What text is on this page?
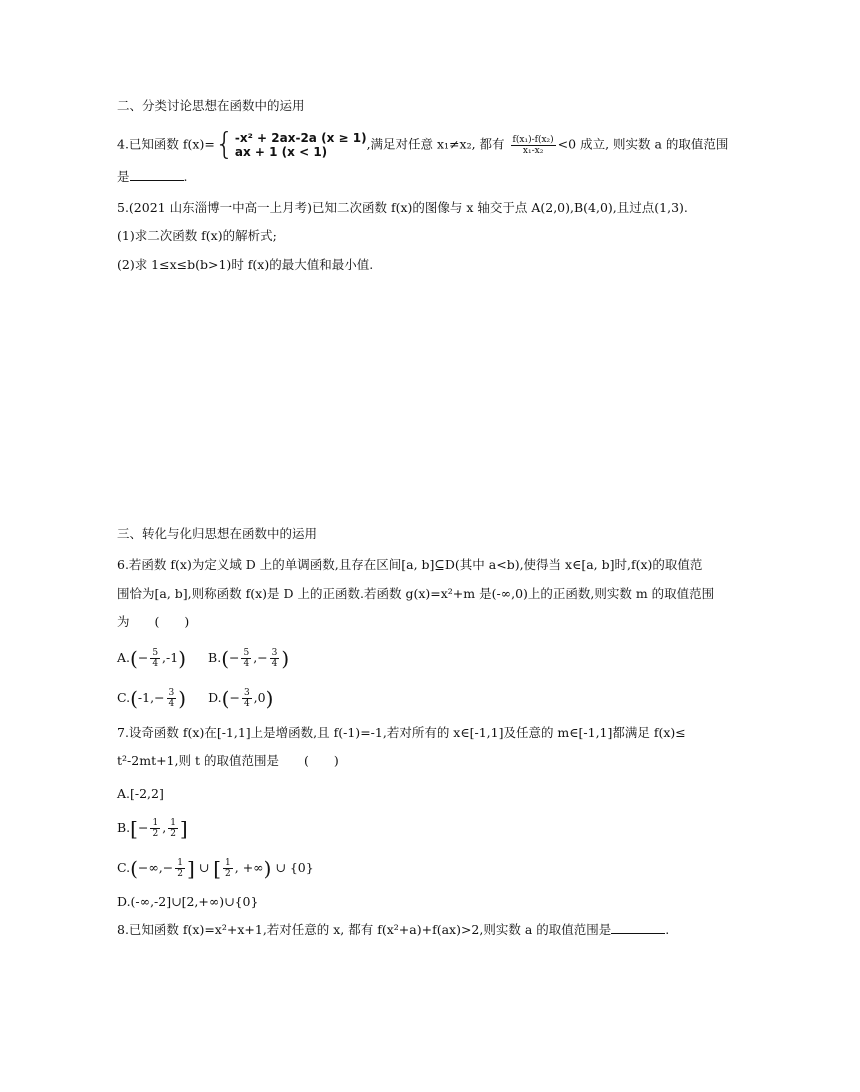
二、分类讨论思想在函数中的运用
4.已知函数 f(x)= { -x² + 2ax-2a (x ≥ 1)
ax + 1 (x < 1)
,满足对任意 x₁≠x₂, 都有 $\frac{\text{f(x₁)-f(x₂)}}{\text{x₁-x₂}} <0$ 成立, 则实数 a 的取值范围
是	.
5.(2021 山东淄博一中高一上月考)已知二次函数 f(x)的图像与 x 轴交于点 A(2,0),B(4,0),且过点(1,3).
(1)求二次函数 f(x)的解析式;
(2)求 1≤x≤b(b>1)时 f(x)的最大值和最小值.
三、转化与化归思想在函数中的运用
6.若函数 f(x)为定义域 D 上的单调函数,且存在区间[a, b]⊆D(其中 a<b),使得当 x∈[a, b]时,f(x)的取值范
围恰为[a, b],则称函数 f(x)是 D 上的正函数.若函数 g(x)=x²+m 是(-∞,0)上的正函数,则实数 m 的取值范围
为　　(　　)
$A.(- \frac{5}{4} ,-1)$ $B.(- \frac{5}{4}$ ,− $\frac{3}{4}$ )
$C.(-1,- \frac{3}{4}$ ) $D.(- \frac{3}{4} ,0)$
7.设奇函数 f(x)在[-1,1]上是增函数,且 f(-1)=-1,若对所有的 x∈[-1,1]及任意的 m∈[-1,1]都满足 f(x)≤
t²-2mt+1,则 t 的取值范围是　　(　　)
A.[-2,2]
$B.[- \frac{1}{2}$ , $\frac{1}{2}$ ]
$C.(-\infty,- \frac{1}{2}$ ] ∪ [ $\frac{1}{2}$ , +∞) ∪ {0}
D.(-∞,-2]∪[2,+∞)∪{0}
8.已知函数 f(x)=x²+x+1,若对任意的 x, 都有 f(x²+a)+f(ax)>2,则实数 a 的取值范围是	.
